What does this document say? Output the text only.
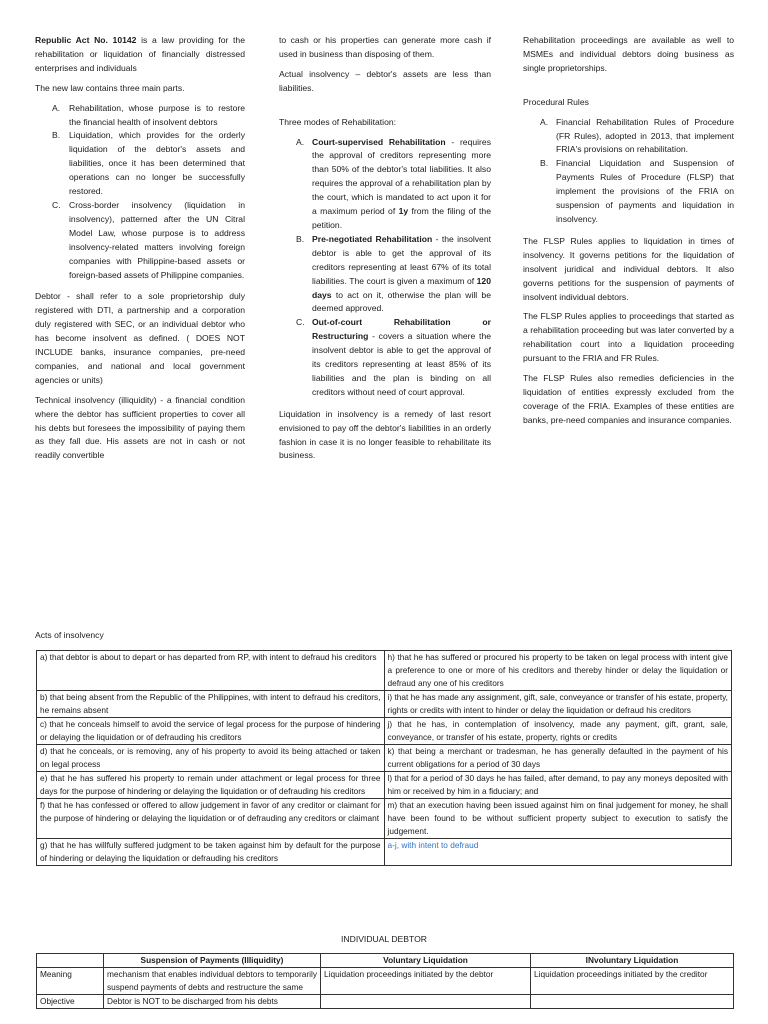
Republic Act No. 10142 is a law providing for the rehabilitation or liquidation of financially distressed enterprises and individuals

The new law contains three main parts.

A. Rehabilitation, whose purpose is to restore the financial health of insolvent debtors
B. Liquidation, which provides for the orderly liquidation of the debtor's assets and liabilities, once it has been determined that operations can no longer be successfully restored.
C. Cross-border insolvency (liquidation in insolvency), patterned after the UN Citral Model Law, whose purpose is to address insolvency-related matters involving foreign companies with Philippine-based assets or foreign-based assets of Philippine companies.

Debtor - shall refer to a sole proprietorship duly registered with DTI, a partnership and a corporation duly registered with SEC, or an individual debtor who has become insolvent as defined. ( DOES NOT INCLUDE banks, insurance companies, pre-need companies, and national and local government agencies or units)

Technical insolvency (illiquidity) - a financial condition where the debtor has sufficient properties to cover all his debts but foresees the impossibility of paying them as they fall due. His assets are not in cash or not readily convertible

to cash or his properties can generate more cash if used in business than disposing of them.

Actual insolvency – debtor's assets are less than liabilities.

Three modes of Rehabilitation:

A. Court-supervised Rehabilitation - requires the approval of creditors representing more than 50% of the debtor's total liabilities. It also requires the approval of a rehabilitation plan by the court, which is mandated to act upon it for a maximum period of 1y from the filing of the petition.
B. Pre-negotiated Rehabilitation - the insolvent debtor is able to get the approval of its creditors representing at least 67% of its total liabilities. The court is given a maximum of 120 days to act on it, otherwise the plan will be deemed approved.
C. Out-of-court Rehabilitation or Restructuring - covers a situation where the insolvent debtor is able to get the approval of its creditors representing at least 85% of its liabilities and the plan is binding on all creditors without need of court approval.

Liquidation in insolvency is a remedy of last resort envisioned to pay off the debtor's liabilities in an orderly fashion in case it is no longer feasible to rehabilitate its business.

Rehabilitation proceedings are available as well to MSMEs and individual debtors doing business as single proprietorships.

Procedural Rules

A. Financial Rehabilitation Rules of Procedure (FR Rules), adopted in 2013, that implement FRIA's provisions on rehabilitation.
B. Financial Liquidation and Suspension of Payments Rules of Procedure (FLSP) that implement the provisions of the FRIA on suspension of payments and liquidation in insolvency.

The FLSP Rules applies to liquidation in times of insolvency. It governs petitions for the liquidation of insolvent juridical and individual debtors. It also governs petitions for the suspension of payments of insolvent individual debtors.

The FLSP Rules applies to proceedings that started as a rehabilitation proceeding but was later converted by a rehabilitation court into a liquidation proceeding pursuant to the FRIA and FR Rules.

The FLSP Rules also remedies deficiencies in the liquidation of entities expressly excluded from the coverage of the FRIA. Examples of these entities are banks, pre-need companies and insurance companies.

Acts of insolvency
a) that debtor is about to depart or has departed from RP, with intent to defraud his creditors	h) that he has suffered or procured his property to be taken on legal process with intent give a preference to one or more of his creditors and thereby hinder or delay the liquidation or defraud any one of his creditors
b) that being absent from the Republic of the Philippines, with intent to defraud his creditors, he remains absent	i) that he has made any assignment, gift, sale, conveyance or transfer of his estate, property, rights or credits with intent to hinder or delay the liquidation or defraud his creditors
c) that he conceals himself to avoid the service of legal process for the purpose of hindering or delaying the liquidation or of defrauding his creditors	j) that he has, in contemplation of insolvency, made any payment, gift, grant, sale, conveyance, or transfer of his estate, property, rights or credits
d) that he conceals, or is removing, any of his property to avoid its being attached or taken on legal process	k) that being a merchant or tradesman, he has generally defaulted in the payment of his current obligations for a period of 30 days
e) that he has suffered his property to remain under attachment or legal process for three days for the purpose of hindering or delaying the liquidation or of defrauding his creditors	l) that for a period of 30 days he has failed, after demand, to pay any moneys deposited with him or received by him in a fiduciary; and
f) that he has confessed or offered to allow judgement in favor of any creditor or claimant for the purpose of hindering or delaying the liquidation or of defrauding any creditors or claimant	m) that an execution having been issued against him on final judgement for money, he shall have been found to be without sufficient property subject to execution to satisfy the judgement.
g) that he has willfully suffered judgment to be taken against him by default for the purpose of hindering or delaying the liquidation or defrauding his creditors	a-j, with intent to defraud
INDIVIDUAL DEBTOR
	Suspension of Payments (Illiquidity)	Voluntary Liquidation	INvoluntary Liquidation
Meaning	mechanism that enables individual debtors to temporarily suspend payments of debts and restructure the same	Liquidation proceedings initiated by the debtor	Liquidation proceedings initiated by the creditor
Objective	Debtor is NOT to be discharged from his debts		
